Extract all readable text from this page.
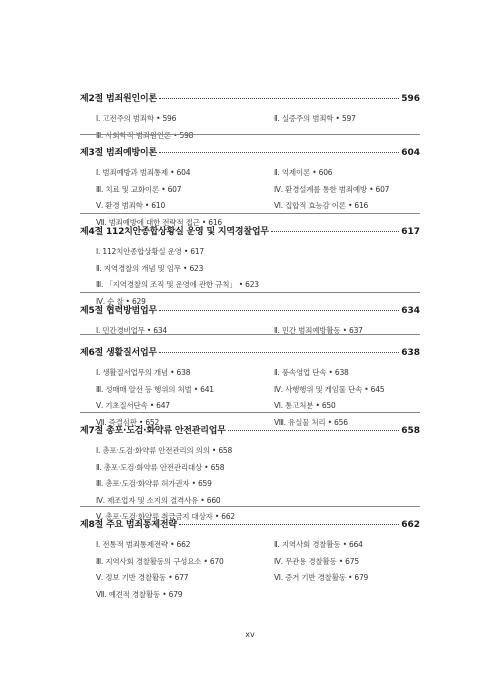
제2절 범죄원인이론	596
Ⅰ. 고전주의 범죄학 • 596	Ⅱ. 실증주의 범죄학 • 597
Ⅲ. 사회학적 범죄원인론 • 598
제3절 범죄예방이론	604
Ⅰ. 범죄예방과 범죄통제 • 604	Ⅱ. 억제이론 • 606
Ⅲ. 치료 및 교화이론 • 607	Ⅳ. 환경설계를 통한 범죄예방 • 607
Ⅴ. 환경 범죄학 • 610	Ⅵ. 집합적 효능감 이론 • 616
Ⅶ. 범죄예방에 대한 전략적 접근 • 616
제4절 112치안종합상황실 운영 및 지역경찰업무	617
Ⅰ. 112치안종합상황실 운영 • 617
Ⅱ. 지역경찰의 개념 및 임무 • 623
Ⅲ. 「지역경찰의 조직 및 운영에 관한 규칙」 • 623
Ⅳ. 순 찰 • 629
제5절 협력방범업무	634
Ⅰ. 민간경비업무 • 634	Ⅱ. 민간 범죄예방활동 • 637
제6절 생활질서업무	638
Ⅰ. 생활질서업무의 개념 • 638	Ⅱ. 풍속영업 단속 • 638
Ⅲ. 성매매 알선 등 행위의 처벌 • 641	Ⅳ. 사행행위 및 게임물 단속 • 645
Ⅴ. 기초질서단속 • 647	Ⅵ. 통고처분 • 650
Ⅶ. 즉결심판 • 652	Ⅷ. 유실물 처리 • 656
제7절 총포·도검·화약류 안전관리업무	658
Ⅰ. 총포·도검·화약류 안전관리의 의의 • 658
Ⅱ. 총포·도검·화약류 안전관리대상 • 658
Ⅲ. 총포·도검·화약류 허가권자 • 659
Ⅳ. 제조업자 및 소지의 결격사유 • 660
Ⅴ. 총포·도검·화약류 취급금지 대상자 • 662
제8절 주요 범죄통제전략	662
Ⅰ. 전통적 범죄통제전략 • 662	Ⅱ. 지역사회 경찰활동 • 664
Ⅲ. 지역사회 경찰활동의 구성요소 • 670	Ⅳ. 무관용 경찰활동 • 675
Ⅴ. 정보 기반 경찰활동 • 677	Ⅵ. 증거 기반 경찰활동 • 679
Ⅶ. 예견적 경찰활동 • 679
xv
